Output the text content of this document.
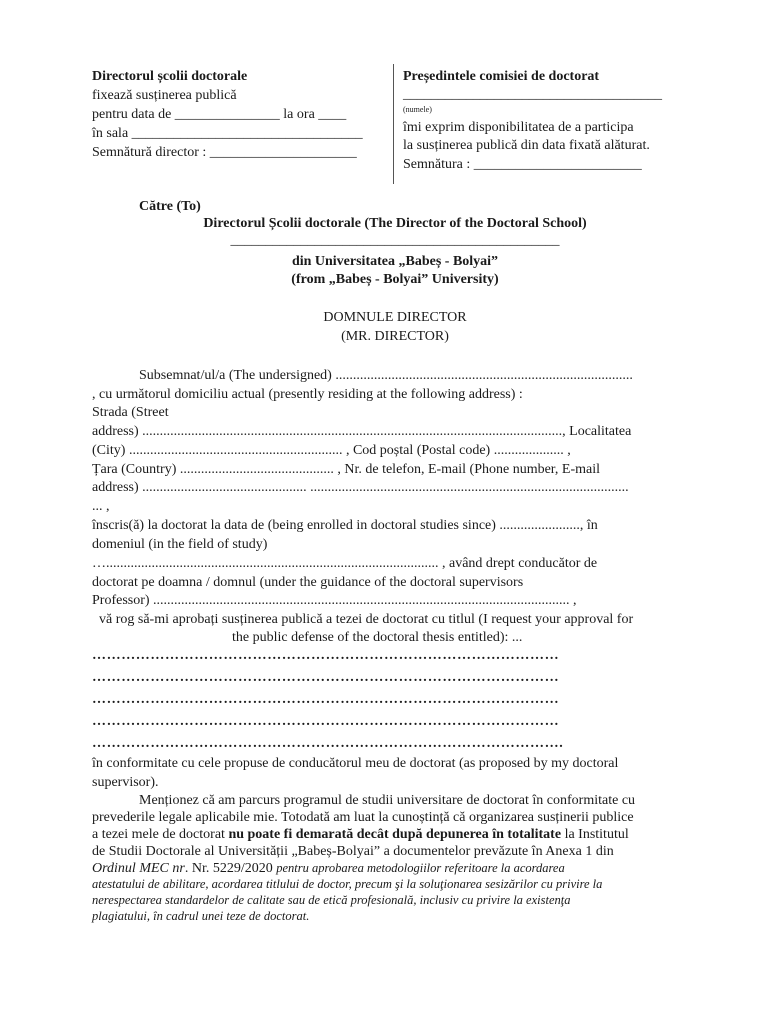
Directorul școlii doctorale
fixează susținerea publică
pentru data de _______________ la ora ____
în sala _________________________________
Semnătură director : _____________________
Președintele comisiei de doctorat
_____________________________________
(numele)
îmi exprim disponibilitatea de a participa
la susținerea publică din data fixată alăturat.
Semnătura : ________________________
Către (To)
Directorul Școlii doctorale (The Director of the Doctoral School)
_______________________________________________
din Universitatea „Babeș - Bolyai”
(from „Babeș - Bolyai” University)
DOMNULE DIRECTOR
(MR. DIRECTOR)
Subsemnat/ul/a (The undersigned) .....................................................................................
, cu următorul domiciliu actual (presently residing at the following address) :
Strada (Street
address) ........................................................................................................................, Localitatea
(City) ............................................................. , Cod poștal (Postal code) .................... ,
Țara (Country) ............................................ , Nr. de telefon, E-mail (Phone number, E-mail
address) ............................................... ...........................................................................................
... ,
înscris(ă) la doctorat la data de (being enrolled in doctoral studies since) ......................., în
domeniul (in the field of study)
…............................................................................................... , având drept conducător de
doctorat pe doamna / domnul (under the guidance of the doctoral supervisors
Professor) ....................................................................................................................... ,
vă rog să-mi aprobați susținerea publică a tezei de doctorat cu titlul (I request your approval for
the public defense of the doctoral thesis entitled): ...
……………………………………………………………………………………
……………………………………………………………………………………
……………………………………………………………………………………
……………………………………………………………………………………
…………………………………………………………………………………….
în conformitate cu cele propuse de conducătorul meu de doctorat (as proposed by my doctoral
supervisor).
Menționez că am parcurs programul de studii universitare de doctorat în conformitate cu
prevederile legale aplicabile mie. Totodată am luat la cunoștință că organizarea susținerii publice
a tezei mele de doctorat nu poate fi demarată decât după depunerea în totalitate la Institutul
de Studii Doctorale al Universității „Babeș-Bolyai” a documentelor prevăzute în Anexa 1 din
Ordinul MEC nr. Nr. 5229/2020 pentru aprobarea metodologiilor referitoare la acordarea
atestatului de abilitare, acordarea titlului de doctor, precum şi la soluţionarea sesizărilor cu privire la
nerespectarea standardelor de calitate sau de etică profesională, inclusiv cu privire la existenţa
plagiatului, în cadrul unei teze de doctorat.
